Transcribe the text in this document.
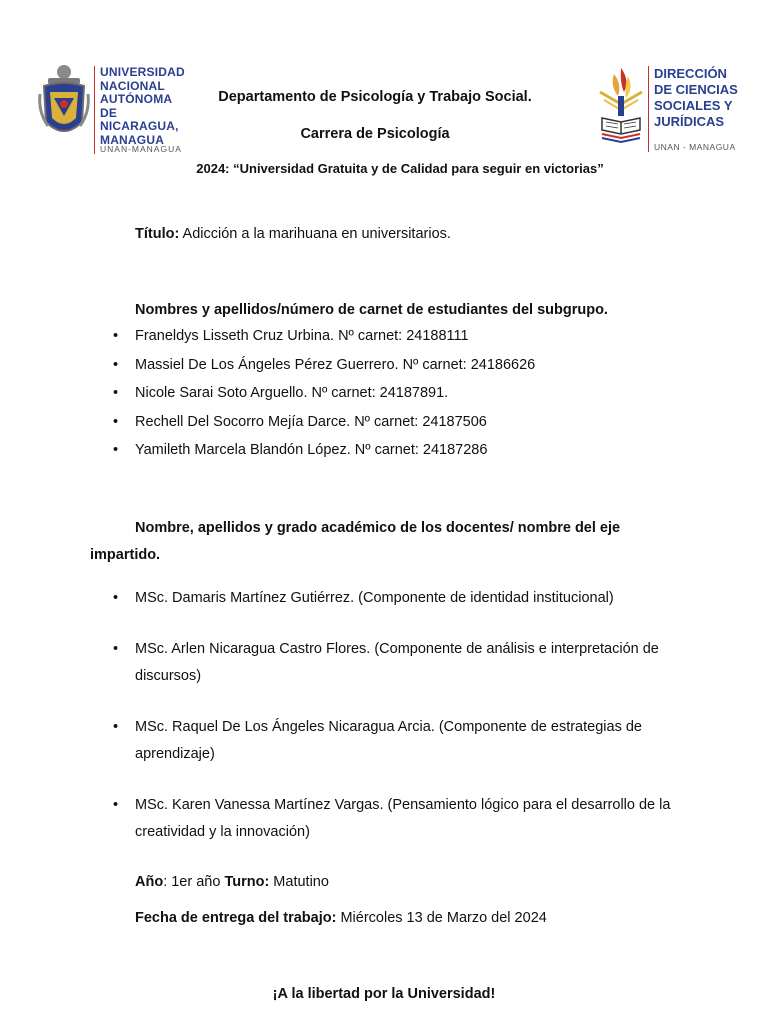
UNIVERSIDAD
NACIONAL
AUTÓNOMA DE
NICARAGUA,
MANAGUA
UNAN-MANAGUA
DIRECCIÓN
DE CIENCIAS
SOCIALES Y
JURÍDICAS
UNAN - MANAGUA
Departamento de Psicología y Trabajo Social.
Carrera de Psicología
2024: “Universidad Gratuita y de Calidad para seguir en victorias”
Título: Adicción a la marihuana en universitarios.
Nombres y apellidos/número de carnet de estudiantes del subgrupo.
• Franeldys Lisseth Cruz Urbina. Nº carnet: 24188111
• Massiel De Los Ángeles Pérez Guerrero. Nº carnet: 24186626
• Nicole Sarai Soto Arguello. Nº carnet: 24187891.
• Rechell Del Socorro Mejía Darce. Nº carnet: 24187506
• Yamileth Marcela Blandón López. Nº carnet: 24187286
Nombre, apellidos y grado académico de los docentes/ nombre del eje
impartido.
• MSc. Damaris Martínez Gutiérrez. (Componente de identidad institucional)
• MSc. Arlen Nicaragua Castro Flores. (Componente de análisis e interpretación de discursos)
• MSc. Raquel De Los Ángeles Nicaragua Arcia. (Componente de estrategias de aprendizaje)
• MSc. Karen Vanessa Martínez Vargas. (Pensamiento lógico para el desarrollo de la creatividad y la innovación)
Año: 1er año Turno: Matutino
Fecha de entrega del trabajo: Miércoles 13 de Marzo del 2024
¡A la libertad por la Universidad!
